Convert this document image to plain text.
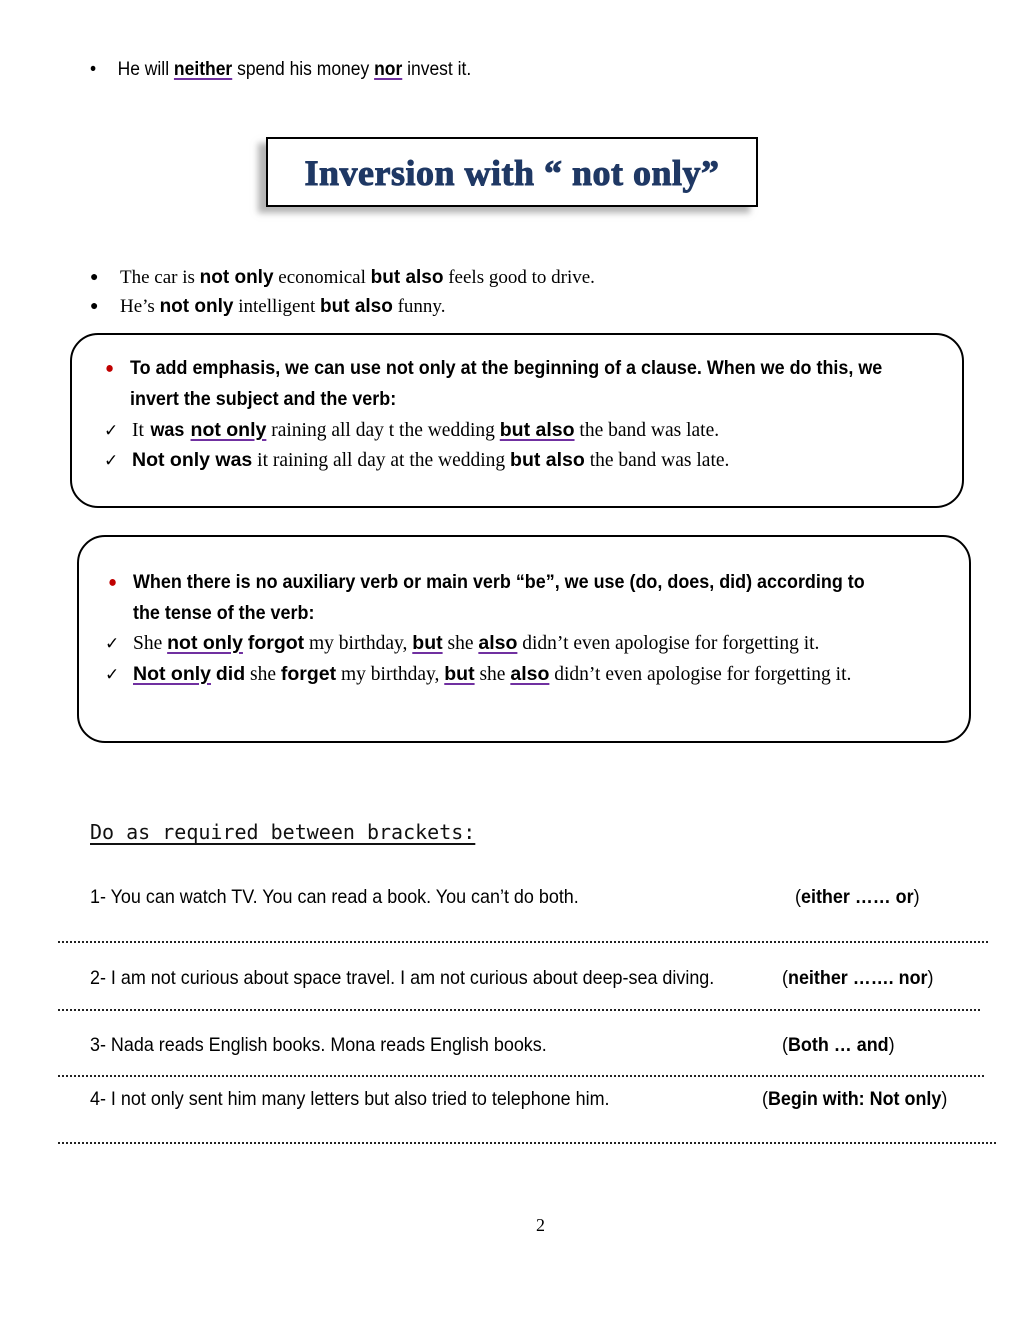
• He will neither spend his money nor invest it.
Inversion with “ not only”
● The car is not only economical but also feels good to drive.
● He’s not only intelligent but also funny.
● To add emphasis, we can use not only at the beginning of a clause. When we do this, we
invert the subject and the verb:
✓ It was not only raining all day t the wedding but also the band was late.
✓ Not only was it raining all day at the wedding but also the band was late.
● When there is no auxiliary verb or main verb “be”, we use (do, does, did) according to
the tense of the verb:
✓ She not only forgot my birthday, but she also didn’t even apologise for forgetting it.
✓ Not only did she forget my birthday, but she also didn’t even apologise for forgetting it.
Do as required between brackets:
1- You can watch TV. You can read a book. You can’t do both.	(either …… or)
2- I am not curious about space travel. I am not curious about deep-sea diving.	(neither ……. nor)
3- Nada reads English books. Mona reads English books.	(Both … and)
4- I not only sent him many letters but also tried to telephone him.	(Begin with: Not only)
2
